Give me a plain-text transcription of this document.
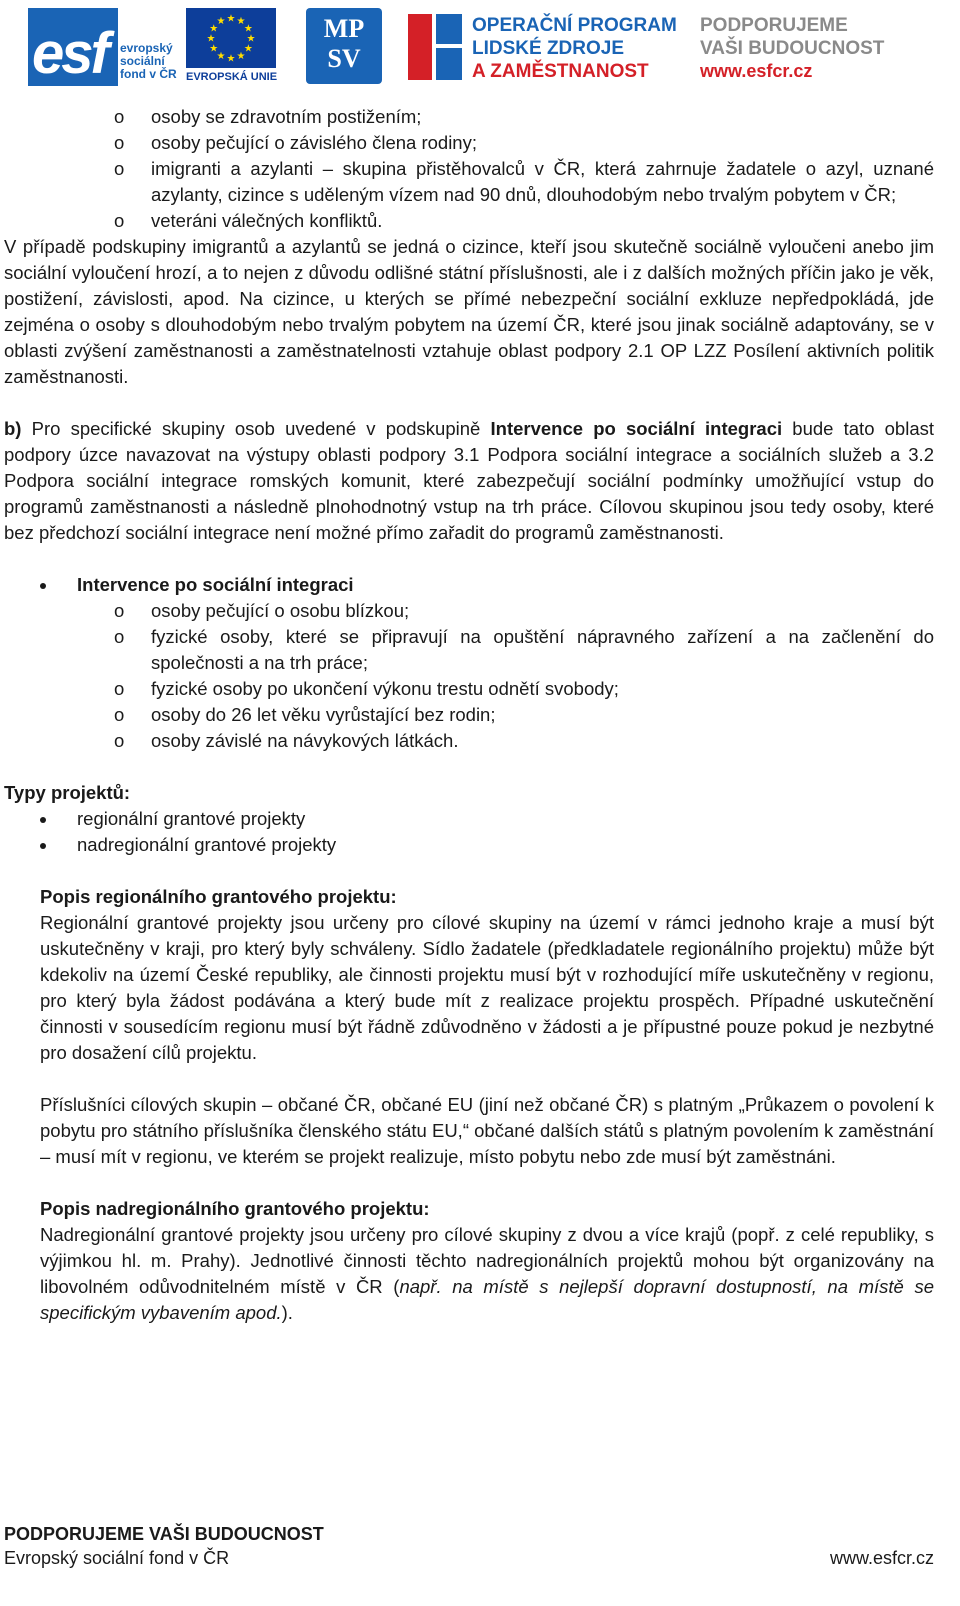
esf evropský
sociální
fond v ČR
★ ★
★
★
★
★
★
★
★
★
★
★
EVROPSKÁ UNIE
MP
SV
OPERAČNÍ PROGRAM
LIDSKÉ ZDROJE
A ZAMĚSTNANOST
PODPORUJEME
VAŠI BUDOUCNOST
www.esfcr.cz
o osoby se zdravotním postižením;
o osoby pečující o závislého člena rodiny;
o imigranti a azylanti – skupina přistěhovalců v ČR, která zahrnuje žadatele o azyl, uznané azylanty, cizince s uděleným vízem nad 90 dnů, dlouhodobým nebo trvalým pobytem v ČR;
o veteráni válečných konfliktů.

V případě podskupiny imigrantů a azylantů se jedná o cizince, kteří jsou skutečně sociálně vyloučeni anebo jim sociální vyloučení hrozí, a to nejen z důvodu odlišné státní příslušnosti, ale i z dalších možných příčin jako je věk, postižení, závislosti, apod. Na cizince, u kterých se přímé nebezpeční sociální exkluze nepředpokládá, jde zejména o osoby s dlouhodobým nebo trvalým pobytem na území ČR, které jsou jinak sociálně adaptovány, se v oblasti zvýšení zaměstnanosti a zaměstnatelnosti vztahuje oblast podpory 2.1 OP LZZ Posílení aktivních politik zaměstnanosti.

b) Pro specifické skupiny osob uvedené v podskupině Intervence po sociální integraci bude tato oblast podpory úzce navazovat na výstupy oblasti podpory 3.1 Podpora sociální integrace a sociálních služeb a 3.2 Podpora sociální integrace romských komunit, které zabezpečují sociální podmínky umožňující vstup do programů zaměstnanosti a následně plnohodnotný vstup na trh práce. Cílovou skupinou jsou tedy osoby, které bez předchozí sociální integrace není možné přímo zařadit do programů zaměstnanosti.

Intervence po sociální integraci
o osoby pečující o osobu blízkou;
o fyzické osoby, které se připravují na opuštění nápravného zařízení a na začlenění do společnosti a na trh práce;
o fyzické osoby po ukončení výkonu trestu odnětí svobody;
o osoby do 26 let věku vyrůstající bez rodin;
o osoby závislé na návykových látkách.
Typy projektů:
regionální grantové projekty
nadregionální grantové projekty
Popis regionálního grantového projektu:

Regionální grantové projekty jsou určeny pro cílové skupiny na území v rámci jednoho kraje a musí být uskutečněny v kraji, pro který byly schváleny. Sídlo žadatele (předkladatele regionálního projektu) může být kdekoliv na území České republiky, ale činnosti projektu musí být v rozhodující míře uskutečněny v regionu, pro který byla žádost podávána a který bude mít z realizace projektu prospěch. Případné uskutečnění činnosti v sousedícím regionu musí být řádně zdůvodněno v žádosti a je přípustné pouze pokud je nezbytné pro dosažení cílů projektu.

Příslušníci cílových skupin – občané ČR, občané EU (jiní než občané ČR) s platným „Průkazem o povolení k pobytu pro státního příslušníka členského státu EU,“ občané dalších států s platným povolením k zaměstnání – musí mít v regionu, ve kterém se projekt realizuje, místo pobytu nebo zde musí být zaměstnáni.

Popis nadregionálního grantového projektu:

Nadregionální grantové projekty jsou určeny pro cílové skupiny z dvou a více krajů (popř. z celé republiky, s výjimkou hl. m. Prahy). Jednotlivé činnosti těchto nadregionálních projektů mohou být organizovány na libovolném odůvodnitelném místě v ČR (např. na místě s nejlepší dopravní dostupností, na místě se specifickým vybavením apod.).

PODPORUJEME VAŠI BUDOUCNOST
Evropský sociální fond v ČR	www.esfcr.cz
